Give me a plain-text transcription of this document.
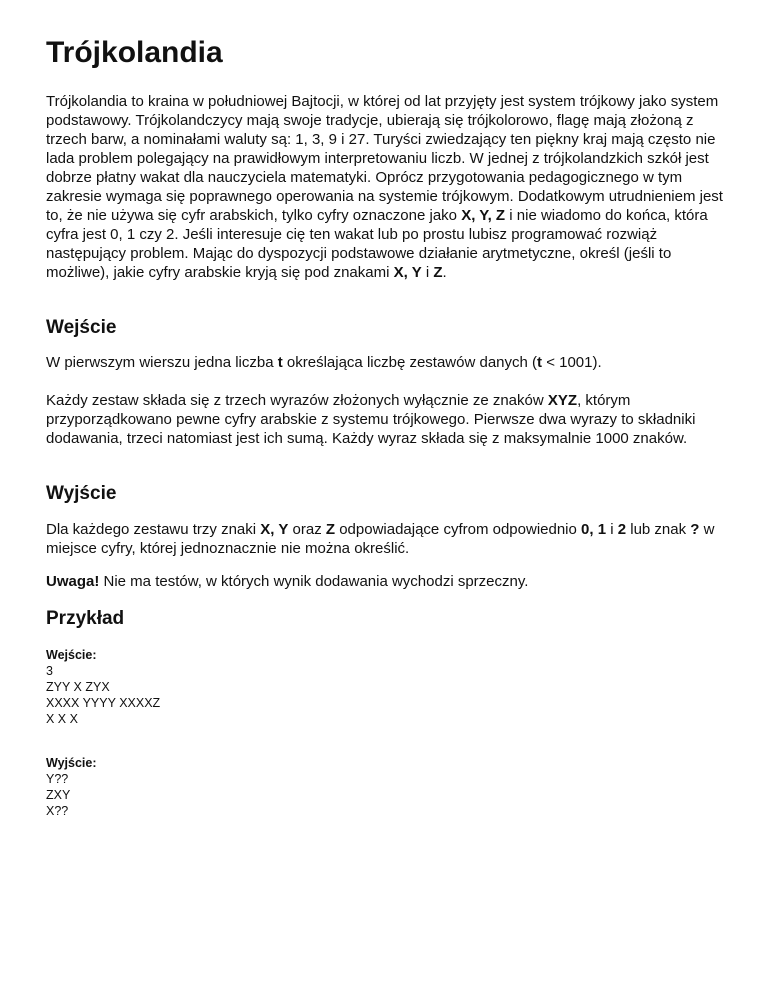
Trójkolandia

Trójkolandia to kraina w południowej Bajtocji, w której od lat przyjęty jest system trójkowy jako system podstawowy. Trójkolandczycy mają swoje tradycje, ubierają się trójkolorowo, flagę mają złożoną z trzech barw, a nominałami waluty są: 1, 3, 9 i 27. Turyści zwiedzający ten piękny kraj mają często nie lada problem polegający na prawidłowym interpretowaniu liczb. W jednej z trójkolandzkich szkół jest dobrze płatny wakat dla nauczyciela matematyki. Oprócz przygotowania pedagogicznego w tym zakresie wymaga się poprawnego operowania na systemie trójkowym. Dodatkowym utrudnieniem jest to, że nie używa się cyfr arabskich, tylko cyfry oznaczone jako X, Y, Z i nie wiadomo do końca, która cyfra jest 0, 1 czy 2. Jeśli interesuje cię ten wakat lub po prostu lubisz programować rozwiąż następujący problem. Mając do dyspozycji podstawowe działanie arytmetyczne, określ (jeśli to możliwe), jakie cyfry arabskie kryją się pod znakami X, Y i Z.

Wejście

W pierwszym wierszu jedna liczba t określająca liczbę zestawów danych (t < 1001).

Każdy zestaw składa się z trzech wyrazów złożonych wyłącznie ze znaków XYZ, którym przyporządkowano pewne cyfry arabskie z systemu trójkowego. Pierwsze dwa wyrazy to składniki dodawania, trzeci natomiast jest ich sumą. Każdy wyraz składa się z maksymalnie 1000 znaków.

Wyjście

Dla każdego zestawu trzy znaki X, Y oraz Z odpowiadające cyfrom odpowiednio 0, 1 i 2 lub znak ? w miejsce cyfry, której jednoznacznie nie można określić.

Uwaga! Nie ma testów, w których wynik dodawania wychodzi sprzeczny.

Przykład
Wejście:
3
ZYY X ZYX
XXXX YYYY XXXXZ
X X X
Wyjście:
Y??
ZXY
X??
